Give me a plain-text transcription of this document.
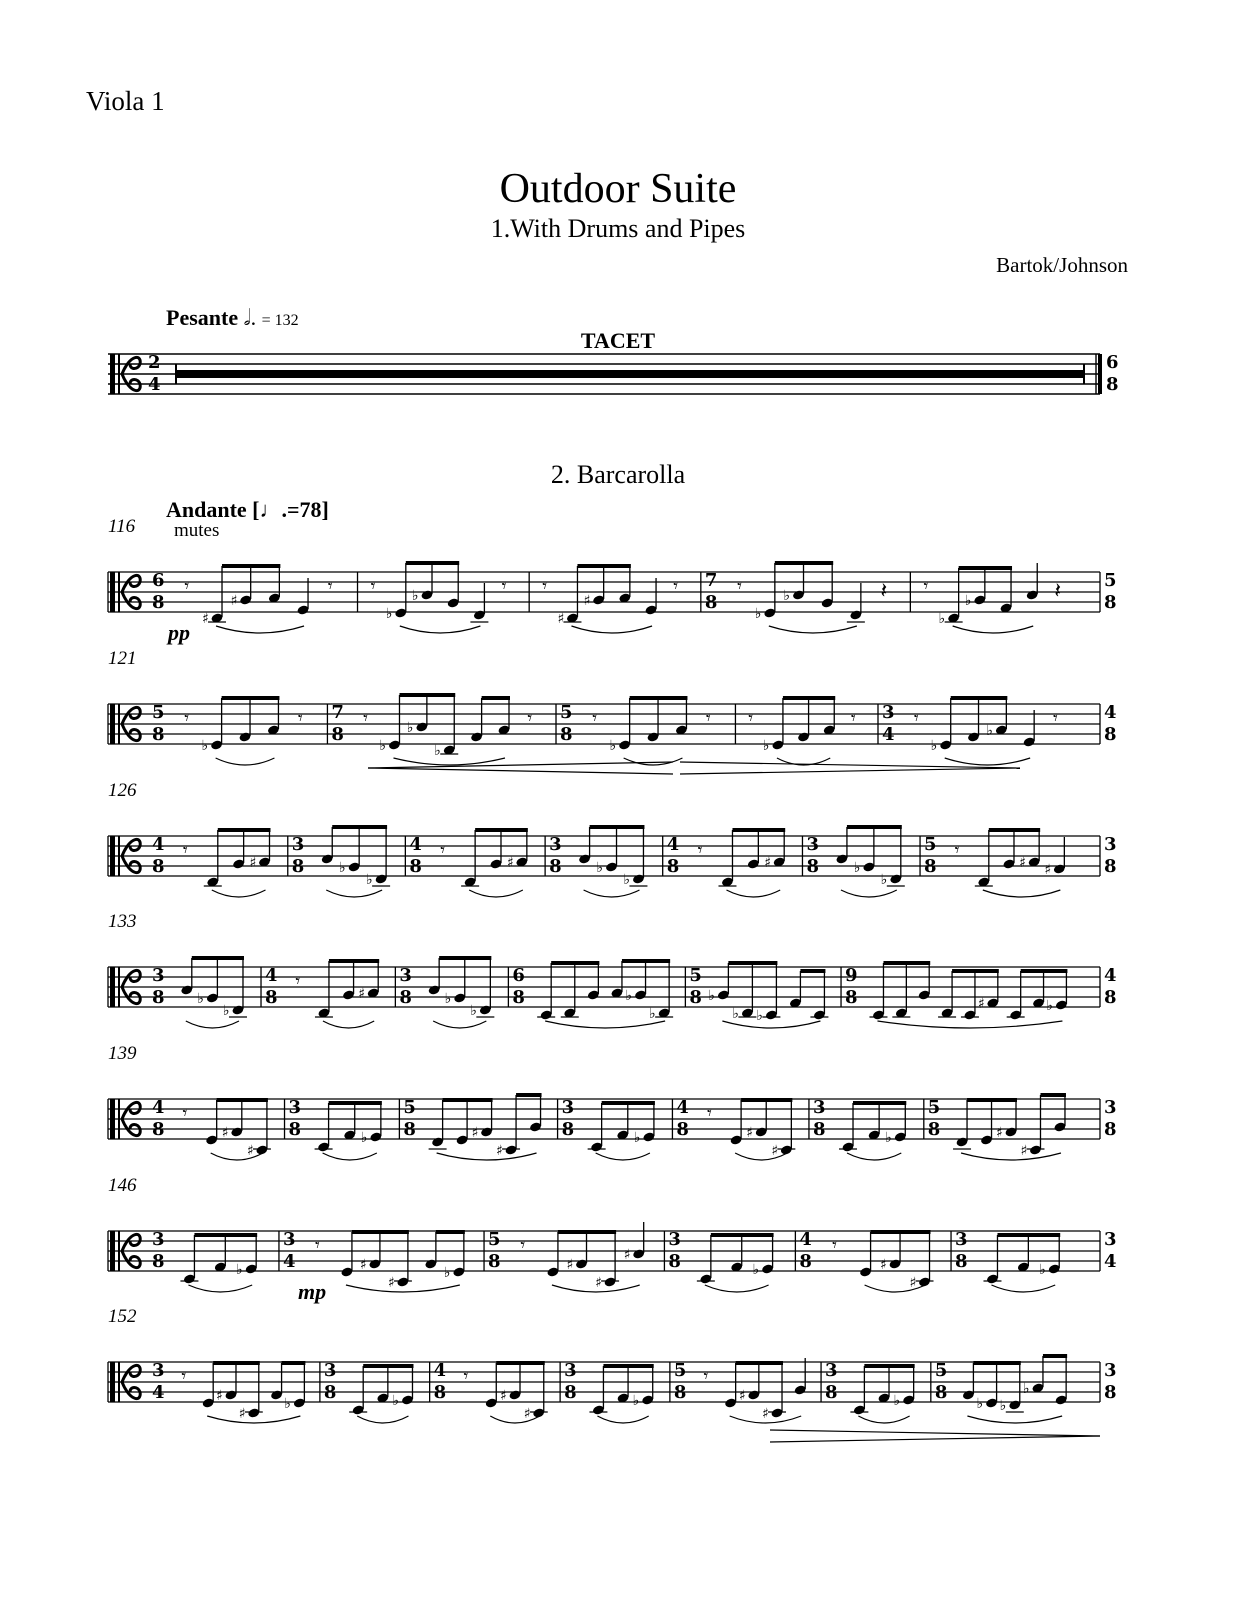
Viola 1
Outdoor Suite
1.With Drums and Pipes
Bartok/Johnson
Pesante 𝅗𝅥. = 132
TACET
2
4
6
8
2. Barcarolla
Andante [♩.=78]
mutes
116
6
8
𝄾
♯
♯
𝄾 𝄾
♭
♭	𝄾 𝄾
♯
♯
𝄾 7
8
𝄾
♭
♭	𝄽 𝄾
♭
♭	𝄽 5
8
pp
121
5
8
𝄾
♭
𝄾 7
8
𝄾
♭
♭
♭
𝄾 5
8
𝄾
♭
𝄾 𝄾
♭
𝄾 3
4
𝄾
♭
♭
𝄾	4
8
126
4
8
𝄾
♯
3
8 ♭
♭
4
8
𝄾
♯
3
8 ♭
♭
4
8
𝄾
♯
3
8 ♭
♭
5
8
𝄾
♯ ♯
3
8
133
3
8 ♭
♭
4
8
𝄾
♯
3
8 ♭
♭
6
8	♭
♭
5
8 ♭
♭ ♭
9
8	♯	♭
4
8
139
4
8
𝄾
♯
♯
3
8	♭
5
8	♯
♯
3
8	♭
4
8
𝄾
♯
♯
3
8	♭
5
8	♯
♯
3
8
146
3
8	♭
3
4
𝄾
♯
♯
♭
5
8
𝄾
♯
♯
♯
3
8	♭
4
8
𝄾
♯
♯
3
8	♭
3
4
mp
152
3
4
𝄾
♯
♯
♭
3
8	♭
4
8
𝄾
♯
♯
3
8	♭
5
8
𝄾
♯
♯
3
8	♭
5
8
♭ ♭
♭
3
8
